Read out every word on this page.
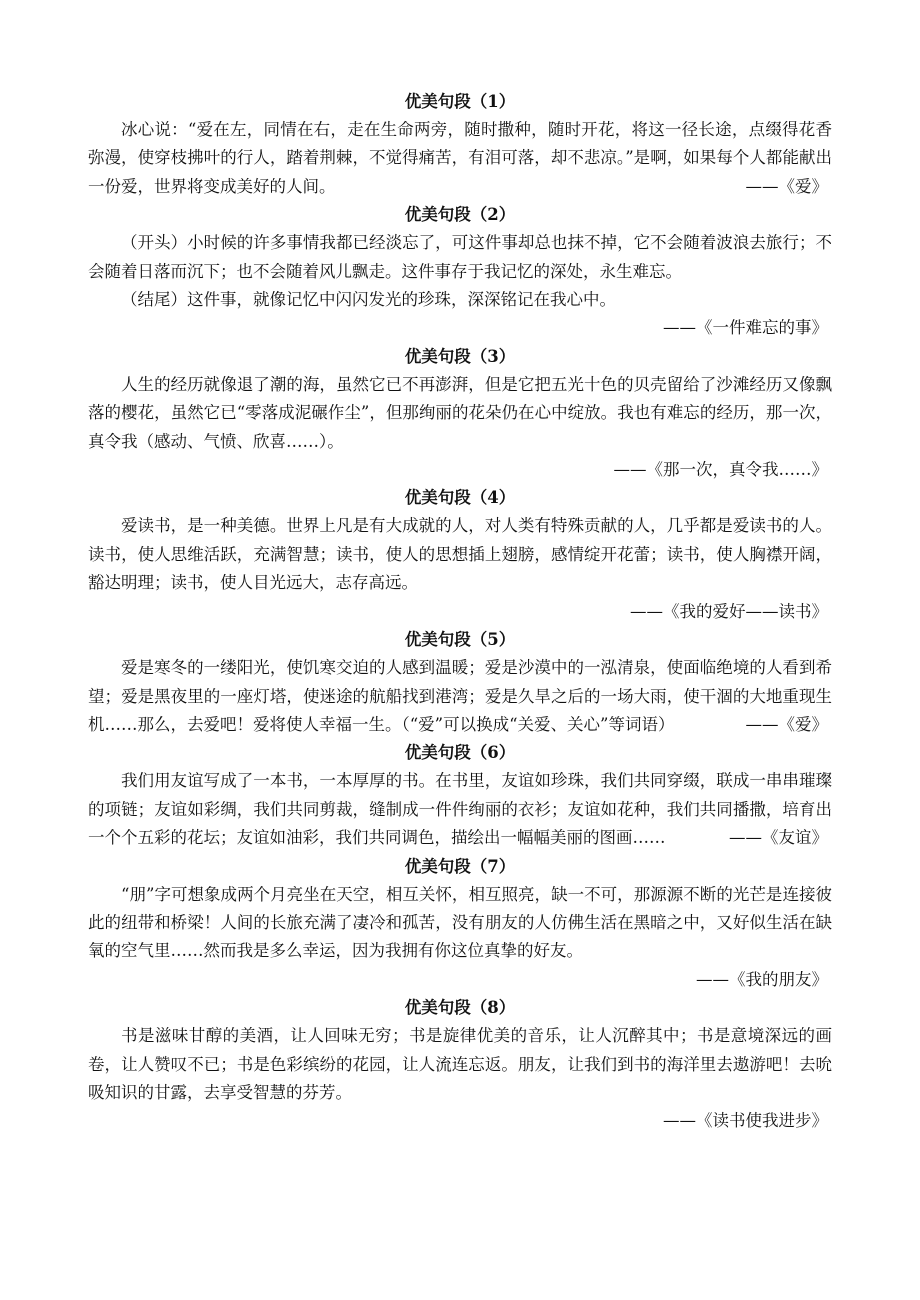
优美句段（1）

冰心说：“爱在左，同情在右，走在生命两旁，随时撒种，随时开花，将这一径长途，点缀得花香弥漫，使穿枝拂叶的行人，踏着荆棘，不觉得痛苦，有泪可落，却不悲凉。”是啊，如果每个人都能献出一份爱，世界将变成美好的人间。	——《爱》

优美句段（2）

（开头）小时候的许多事情我都已经淡忘了，可这件事却总也抹不掉，它不会随着波浪去旅行；不会随着日落而沉下；也不会随着风儿飘走。这件事存于我记忆的深处，永生难忘。

（结尾）这件事，就像记忆中闪闪发光的珍珠，深深铭记在我心中。

——《一件难忘的事》

优美句段（3）

人生的经历就像退了潮的海，虽然它已不再澎湃，但是它把五光十色的贝壳留给了沙滩经历又像飘落的樱花，虽然它已“零落成泥碾作尘”，但那绚丽的花朵仍在心中绽放。我也有难忘的经历，那一次，真令我（感动、气愤、欣喜……）。

——《那一次，真令我……》

优美句段（4）

爱读书，是一种美德。世界上凡是有大成就的人，对人类有特殊贡献的人，几乎都是爱读书的人。读书，使人思维活跃，充满智慧；读书，使人的思想插上翅膀，感情绽开花蕾；读书，使人胸襟开阔，豁达明理；读书，使人目光远大，志存高远。

——《我的爱好——读书》

优美句段（5）

爱是寒冬的一缕阳光，使饥寒交迫的人感到温暖；爱是沙漠中的一泓清泉，使面临绝境的人看到希望；爱是黑夜里的一座灯塔，使迷途的航船找到港湾；爱是久旱之后的一场大雨，使干涸的大地重现生机……那么，去爱吧！爱将使人幸福一生。（“爱”可以换成“关爱、关心”等词语）	——《爱》

优美句段（6）

我们用友谊写成了一本书，一本厚厚的书。在书里，友谊如珍珠，我们共同穿缀，联成一串串璀璨的项链；友谊如彩绸，我们共同剪裁，缝制成一件件绚丽的衣衫；友谊如花种，我们共同播撒，培育出一个个五彩的花坛；友谊如油彩，我们共同调色，描绘出一幅幅美丽的图画……	——《友谊》

优美句段（7）

“朋”字可想象成两个月亮坐在天空，相互关怀，相互照亮，缺一不可，那源源不断的光芒是连接彼此的纽带和桥梁！人间的长旅充满了凄冷和孤苦，没有朋友的人仿佛生活在黑暗之中，又好似生活在缺氧的空气里……然而我是多么幸运，因为我拥有你这位真挚的好友。

——《我的朋友》

优美句段（8）

书是滋味甘醇的美酒，让人回味无穷；书是旋律优美的音乐，让人沉醉其中；书是意境深远的画卷，让人赞叹不已；书是色彩缤纷的花园，让人流连忘返。朋友，让我们到书的海洋里去遨游吧！去吮吸知识的甘露，去享受智慧的芬芳。

——《读书使我进步》
